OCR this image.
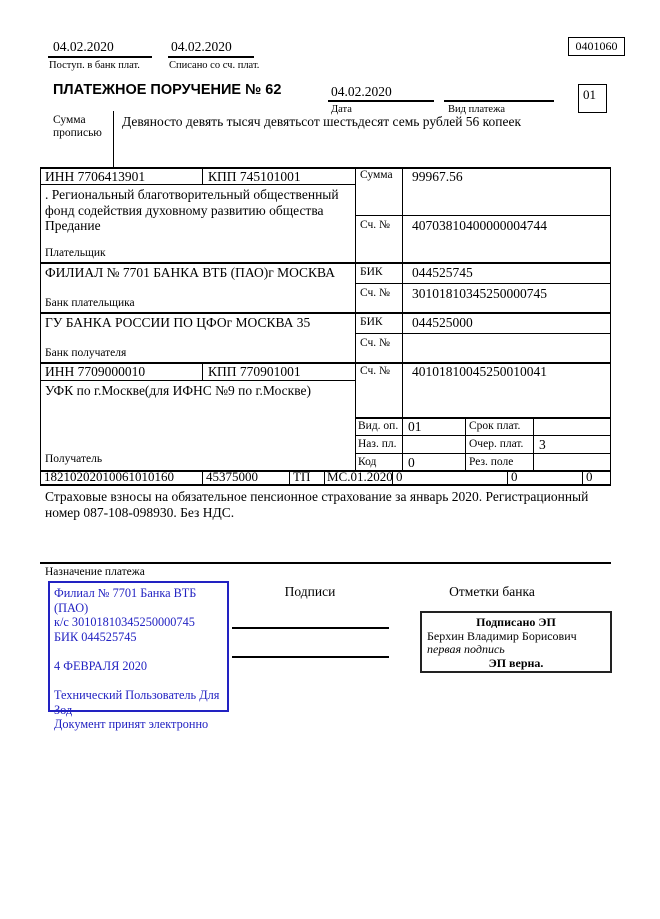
04.02.2020
Поступ. в банк плат.
04.02.2020
Списано со сч. плат.
0401060
ПЛАТЕЖНОЕ ПОРУЧЕНИЕ № 62	04.02.2020
Дата	Вид платежа
01
Сумма прописью
Девяносто девять тысяч девятьсот шестьдесят семь рублей 56 копеек
ИНН 7706413901	КПП 745101001	Сумма 99967.56
. Региональный благотворительный общественный фонд содействия духовному развитию общества Предание	Сч. № 40703810400000004744
Плательщик
ФИЛИАЛ № 7701 БАНКА ВТБ (ПАО)г МОСКВА БИК 044525745
Сч. № 30101810345250000745
Банк плательщика
ГУ БАНКА РОССИИ ПО ЦФОг МОСКВА 35	БИК 044525000
Сч. №
Банк получателя
ИНН 7709000010	КПП 770901001	Сч. № 40101810045250010041
УФК по г.Москве(для ИФНС №9 по г.Москве)
Получатель
Вид. оп. 01	Срок плат.
Наз. пл.	Очер. плат. 3
Код 0	Рез. поле
18210202010061010160 45375000	ТП МС.01.2020 0	0	0
Страховые взносы на обязательное пенсионное страхование за январь 2020. Регистрационный номер 087-108-098930. Без НДС.
Назначение платежа
Филиал № 7701 Банка ВТБ (ПАО)
к/с 30101810345250000745
БИК 044525745
4 ФЕВРАЛЯ 2020
Технический Пользователь Для Зод
Документ принят электронно
Подписи	Отметки банка
Подписано ЭП
Берхин Владимир Борисович
первая подпись
ЭП верна.
